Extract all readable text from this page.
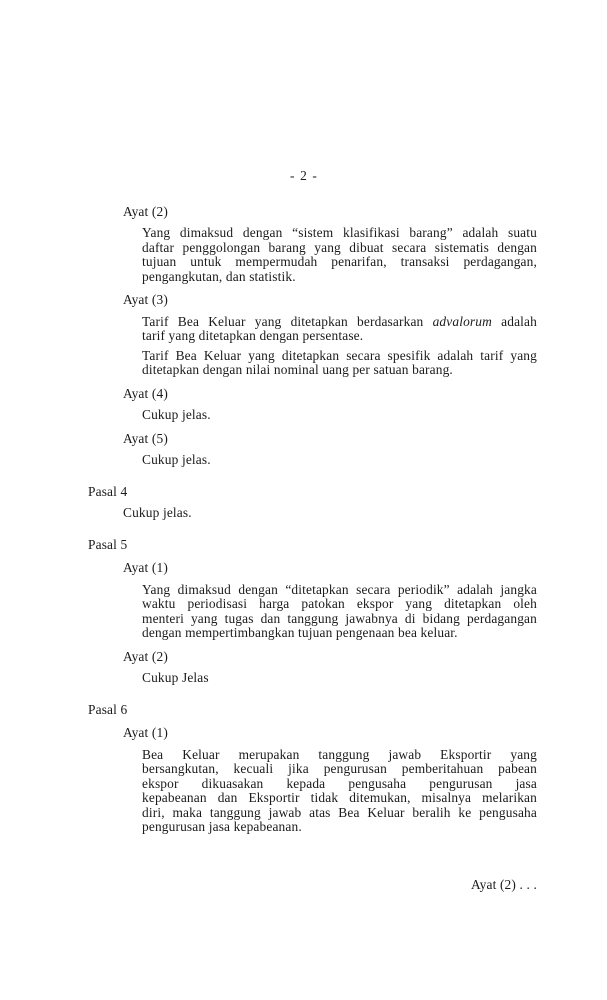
- 2 -
Ayat (2)
Yang dimaksud dengan “sistem klasifikasi barang” adalah suatu
daftar penggolongan barang yang dibuat secara sistematis dengan
tujuan untuk mempermudah penarifan, transaksi perdagangan,
pengangkutan, dan statistik.
Ayat (3)
Tarif Bea Keluar yang ditetapkan berdasarkan advalorum adalah
tarif yang ditetapkan dengan persentase.
Tarif Bea Keluar yang ditetapkan secara spesifik adalah tarif yang
ditetapkan dengan nilai nominal uang per satuan barang.
Ayat (4)
Cukup jelas.
Ayat (5)
Cukup jelas.
Pasal 4
Cukup jelas.
Pasal 5
Ayat (1)
Yang dimaksud dengan “ditetapkan secara periodik” adalah jangka
waktu periodisasi harga patokan ekspor yang ditetapkan oleh
menteri yang tugas dan tanggung jawabnya di bidang perdagangan
dengan mempertimbangkan tujuan pengenaan bea keluar.
Ayat (2)
Cukup Jelas
Pasal 6
Ayat (1)
Bea Keluar merupakan tanggung jawab Eksportir yang
bersangkutan, kecuali jika pengurusan pemberitahuan pabean
ekspor dikuasakan kepada pengusaha pengurusan jasa
kepabeanan dan Eksportir tidak ditemukan, misalnya melarikan
diri, maka tanggung jawab atas Bea Keluar beralih ke pengusaha
pengurusan jasa kepabeanan.
Ayat (2) . . .
